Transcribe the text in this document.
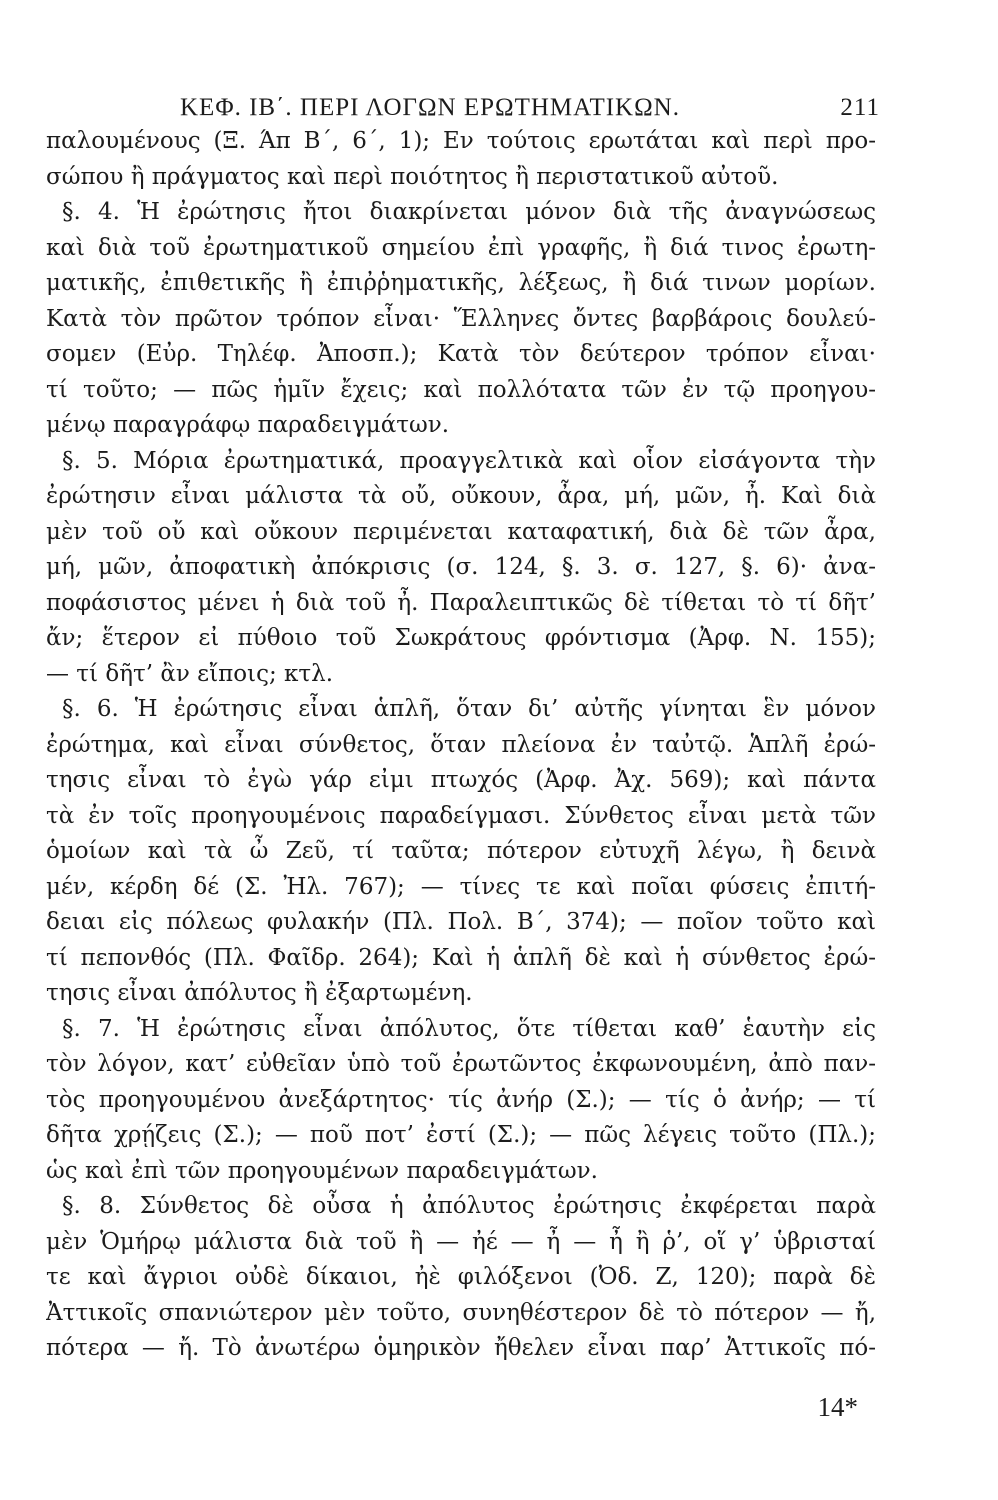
ΚΕΦ. ΙΒ΄. ΠΕΡΙ ΛΟΓΩΝ ΕΡΩΤΗΜΑΤΙΚΩΝ.	211
παλουμένους (Ξ. Άπ Β΄, 6΄, 1); Εν τούτοις ερωτάται καὶ περὶ προ-
σώπου ἢ πράγματος καὶ περὶ ποιότητος ἢ περιστατικοῦ αὐτοῦ.
§. 4. Ἡ ἐρώτησις ἤτοι διακρίνεται μόνον διὰ τῆς ἀναγνώσεως
καὶ διὰ τοῦ ἐρωτηματικοῦ σημείου ἐπὶ γραφῆς, ἢ διά τινος ἐρωτη-
ματικῆς, ἐπιθετικῆς ἢ ἐπιῤῥηματικῆς, λέξεως, ἢ διά τινων μορίων.
Κατὰ τὸν πρῶτον τρόπον εἶναι· Ἕλληνες ὄντες βαρβάροις δουλεύ-
σομεν (Εὐρ. Τηλέφ. Ἀποσπ.); Κατὰ τὸν δεύτερον τρόπον εἶναι·
τί τοῦτο; — πῶς ἡμῖν ἔχεις; καὶ πολλότατα τῶν ἐν τῷ προηγου-
μένῳ παραγράφῳ παραδειγμάτων.
§. 5. Μόρια ἐρωτηματικά, προαγγελτικὰ καὶ οἷον εἰσάγοντα τὴν
ἐρώτησιν εἶναι μάλιστα τὰ οὔ, οὔκουν, ἆρα, μή, μῶν, ἦ. Καὶ διὰ
μὲν τοῦ οὔ καὶ οὔκουν περιμένεται καταφατική, διὰ δὲ τῶν ἆρα,
μή, μῶν, ἀποφατικὴ ἀπόκρισις (σ. 124, §. 3. σ. 127, §. 6)· ἀνα-
ποφάσιστος μένει ἡ διὰ τοῦ ἦ. Παραλειπτικῶς δὲ τίθεται τὸ τί δῆτ’
ἄν; ἕτερον εἰ πύθοιο τοῦ Σωκράτους φρόντισμα (Ἀρφ. Ν. 155);
— τί δῆτ’ ἂν εἴποις; κτλ.
§. 6. Ἡ ἐρώτησις εἶναι ἁπλῆ, ὅταν δι’ αὐτῆς γίνηται ἓν μόνον
ἐρώτημα, καὶ εἶναι σύνθετος, ὅταν πλείονα ἐν ταὐτῷ. Ἁπλῆ ἐρώ-
τησις εἶναι τὸ ἐγὼ γάρ εἰμι πτωχός (Ἀρφ. Ἀχ. 569); καὶ πάντα
τὰ ἐν τοῖς προηγουμένοις παραδείγμασι. Σύνθετος εἶναι μετὰ τῶν
ὁμοίων καὶ τὰ ὦ Ζεῦ, τί ταῦτα; πότερον εὐτυχῆ λέγω, ἢ δεινὰ
μέν, κέρδη δέ (Σ. Ἠλ. 767); — τίνες τε καὶ ποῖαι φύσεις ἐπιτή-
δειαι εἰς πόλεως φυλακήν (Πλ. Πολ. Β΄, 374); — ποῖον τοῦτο καὶ
τί πεπονθός (Πλ. Φαῖδρ. 264); Καὶ ἡ ἁπλῆ δὲ καὶ ἡ σύνθετος ἐρώ-
τησις εἶναι ἀπόλυτος ἢ ἐξαρτωμένη.
§. 7. Ἡ ἐρώτησις εἶναι ἀπόλυτος, ὅτε τίθεται καθ’ ἑαυτὴν εἰς
τὸν λόγον, κατ’ εὐθεῖαν ὑπὸ τοῦ ἐρωτῶντος ἐκφωνουμένη, ἀπὸ παν-
τὸς προηγουμένου ἀνεξάρτητος· τίς ἀνήρ (Σ.); — τίς ὁ ἀνήρ; — τί
δῆτα χρῄζεις (Σ.); — ποῦ ποτ’ ἐστί (Σ.); — πῶς λέγεις τοῦτο (Πλ.);
ὡς καὶ ἐπὶ τῶν προηγουμένων παραδειγμάτων.
§. 8. Σύνθετος δὲ οὖσα ἡ ἀπόλυτος ἐρώτησις ἐκφέρεται παρὰ
μὲν Ὁμήρῳ μάλιστα διὰ τοῦ ἢ — ἠέ — ἦ — ἦ ἢ ῥ’, οἵ γ’ ὑβρισταί
τε καὶ ἄγριοι οὐδὲ δίκαιοι, ἠὲ φιλόξενοι (Ὀδ. Ζ, 120); παρὰ δὲ
Ἀττικοῖς σπανιώτερον μὲν τοῦτο, συνηθέστερον δὲ τὸ πότερον — ἤ,
πότερα — ἤ. Τὸ ἀνωτέρω ὁμηρικὸν ἤθελεν εἶναι παρ’ Ἀττικοῖς πό-
14*
